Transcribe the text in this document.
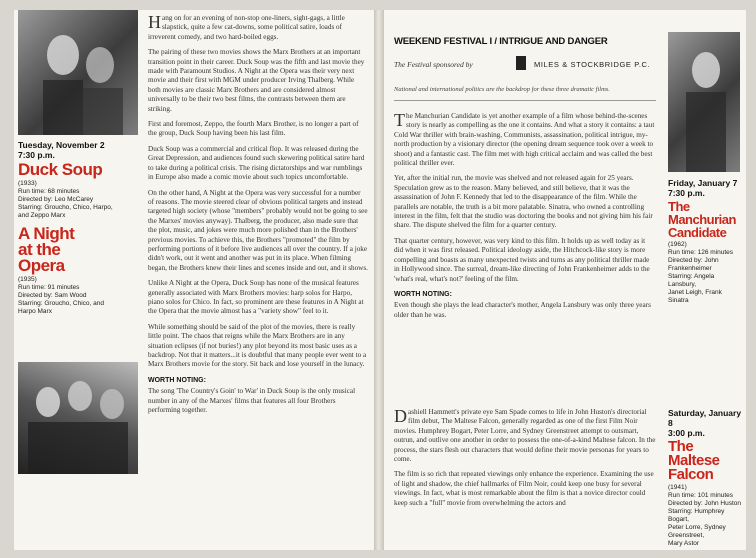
Tuesday, November 2
7:30 p.m.
Duck Soup
(1933)
Run time: 68 minutes
Directed by: Leo McCarey
Starring: Groucho, Chico, Harpo,
and Zeppo Marx
A Night
at the
Opera
(1935)
Run time: 91 minutes
Directed by: Sam Wood
Starring: Groucho, Chico, and
Harpo Marx

Hang on for an evening of non-stop one-liners, sight-gags, a little slapstick, quite a few cat-downs, some political satire, loads of irreverent comedy, and two hard-boiled eggs.

The pairing of these two movies shows the Marx Brothers at an important transition point in their career. Duck Soup was the fifth and last movie they made with Paramount Studios. A Night at the Opera was their very next movie and their first with MGM under producer Irving Thalberg. While both movies are classic Marx Brothers and are considered almost universally to be their two best films, the contrasts between them are striking.

First and foremost, Zeppo, the fourth Marx Brother, is no longer a part of the group, Duck Soup having been his last film.

Duck Soup was a commercial and critical flop. It was released during the Great Depression, and audiences found such skewering political satire hard to take during a political crisis. The rising dictatorships and war rumblings in Europe also made a comic movie about such topics uncomfortable.

On the other hand, A Night at the Opera was very successful for a number of reasons. The movie steered clear of obvious political targets and instead targeted high society (whose "members" probably would not be going to see the Marxes' movies anyway). Thalberg, the producer, also made sure that the plot, music, and jokes were much more polished than in the Brothers' previous movies. To achieve this, the Brothers "promoted" the film by performing portions of it before live audiences all over the country. If a joke didn't work, out it went and another was put in its place. When filming began, the Brothers knew their lines and scenes inside and out, and it shows.

Unlike A Night at the Opera, Duck Soup has none of the musical features generally associated with Marx Brothers movies: harp solos for Harpo, piano solos for Chico. In fact, so prominent are these features in A Night at the Opera that the movie almost has a "variety show" feel to it.

While something should be said of the plot of the movies, there is really little point. The chaos that reigns while the Marx Brothers are in any situation eclipses (if not buries!) any plot beyond its most basic uses as a backdrop. Not that it matters...it is doubtful that many people ever went to a Marx Brothers movie for the story. Sit back and lose yourself in the lunacy.

WORTH NOTING:

The song 'The Country's Goin' to War' in Duck Soup is the only musical number in any of the Marxes' films that features all four Brothers performing together.

WEEKEND FESTIVAL I / INTRIGUE AND DANGER
The Festival sponsored by	MILES & STOCKBRIDGE P.C.
National and international politics are the backdrop for these three dramatic films.

The Manchurian Candidate is yet another example of a film whose behind-the-scenes story is nearly as compelling as the one it contains. And what a story it contains: a taut Cold War thriller with brain-washing, Communists, assassination, political intrigue, my-north production by a visionary director (the opening dream sequence took over a week to shoot) and a fantastic cast. The film met with high critical acclaim and was called the best political thriller ever.

Yet, after the initial run, the movie was shelved and not released again for 25 years. Speculation grew as to the reason. Many believed, and still believe, that it was the assassination of John F. Kennedy that led to the disappearance of the film. While the parallels are notable, the truth is a bit more palatable. Sinatra, who owned a controlling interest in the film, felt that the studio was doctoring the books and not giving him his fair share. The dispute shelved the film for a quarter century.

That quarter century, however, was very kind to this film. It holds up as well today as it did when it was first released. Political ideology aside, the Hitchcock-like story is more compelling and boasts as many unexpected twists and turns as any political thriller made in Hollywood since. The surreal, dream-like directing of John Frankenheimer adds to the 'what's real, what's not?' feeling of the film.

WORTH NOTING:

Even though she plays the lead character's mother, Angela Lansbury was only three years older than he was.

Dashiell Hammett's private eye Sam Spade comes to life in John Huston's directorial film debut, The Maltese Falcon, generally regarded as one of the first Film Noir movies. Humphrey Bogart, Peter Lorre, and Sydney Greenstreet attempt to outsmart, outrun, and outlive one another in order to possess the one-of-a-kind Maltese falcon. In the process, the stars flesh out characters that would define their movie personas for years to come.

The film is so rich that repeated viewings only enhance the experience. Examining the use of light and shadow, the chief hallmarks of Film Noir, could keep one busy for several viewings. In fact, what is most remarkable about the film is that a novice director could keep such a "full" movie from overwhelming the actors and

Friday, January 7
7:30 p.m.
The Manchurian
Candidate
(1962)
Run time: 126 minutes
Directed by: John
Frankenheimer
Starring: Angela Lansbury,
Janet Leigh, Frank Sinatra
Saturday, January 8
3:00 p.m.
The Maltese
Falcon
(1941)
Run time: 101 minutes
Directed by: John Huston
Starring: Humphrey Bogart,
Peter Lorre, Sydney Greenstreet,
Mary Astor
